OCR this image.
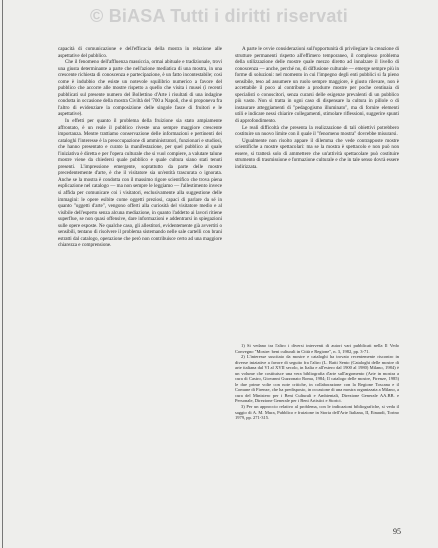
© BiASA Tutti i diritti riservati

capacità di comunicazione e dell'efficacia della mostra in relazione alle aspettative del pubblico.

Che il fenomeno dell'affluenza massiccia, ormai abituale e tradizionale, trovi una giusta determinante a parte che nell'azione mediatica di una mostra, in una crescente richiesta di conoscenza e partecipazione, è un fatto incontestabile; così come è indubbio che esiste un notevole squilibrio numerico a favore del pubblico che accorre alle mostre rispetto a quello che visita i musei (i recenti pubblicati sul presente numero del Bollettino d'Arte i risultati di una indagine condotta in occasione della mostra Civiltà del '700 a Napoli, che si proponeva fra l'altro di evidenziare la composizione delle singole fasce di fruitori e le aspettative).

In effetti per quanto il problema della fruizione sia stato ampiamente affrontato, è un reale il pubblico riveste una sempre maggiore crescente importanza. Mentre trattiamo conservazione delle informazioni e pertinenti dei cataloghi l'interesse è la preoccupazione di amministratori, funzionari e studiosi, che hanno presentato e curato la manifestazione, per quel pubblico al quale l'iniziativa è diretta e per l'opera culturale che si vuol compiere, a valutare talune mostre viene da chiedersi quale pubblico e quale cultura siano stati tenuti presenti. L'impressione emergente, soprattutto da parte delle mostre precedentemente d'arte, è che il visitatore sia un'entità trascurata o ignorata. Anche se la mostra è condotta con il massimo rigore scientifico che trova piena esplicazione nel catalogo — ma non sempre le leggiamo — l'allestimento invece si affida per comunicare coi i visitatori, esclusivamente alla suggestione delle immagini: le opere esibite come oggetti preziosi, capaci di parlare da sé in quanto "oggetti d'arte", vengono offerti alla curiosità del visitatore medio e al visibile dell'esperto senza alcuna mediazione, in quanto l'addetto ai lavori ritiene superflue, se non quasi offensive, dare informazioni e addentrarsi in spiegazioni sulle opere esposte. Ne qualche caso, gli allestitori, evidentemente già avvertiti o sensibili, tentano di risolvere il problema sistemando nelle sale cartelli con brani estratti dal catalogo, operazione che però non contribuisce certo ad una maggiore chiarezza e comprensione.

A parte le ovvie considerazioni sull'opportunità di privilegiare la creazione di strutture permanenti rispetto all'effimero temporaneo, il complesso problema della utilizzazione delle mostre quale mezzo diretto ad innalzare il livello di conoscenza — anche, perché no, di diffusione culturale — emerge sempre più in forme di soluzioni: nel momento in cui l'impegno degli enti pubblici si fa pieno sensibile, teso ad assumere un ruolo sempre maggiore, è giusto rilevare, non è accettabile il poco al contribute a produrre mostre per poche centinaia di specialisti o conoscitori, senza curarsi delle esigenze prevalenti di un pubblico più vasto. Non si tratta in ogni caso di dispensare la cultura in pillole o di instaurare atteggiamenti di "pedagogismo illuminato", ma di fornire elementi utili e indicare nessi chiarire collegamenti, stimolare riflessioni, suggerire spunti di approfondimento.

Le realì difficoltà che presenta la realizzazione di tali obiettivi potrebbero costituire un nuovo limite con il quale il "fenomeno mostra" dovrebbe misurarsi.

Ugualmente non risolto appare il dilemma che vede contrapposte mostre scientifiche a mostre spettacolari: ma se la mostra è spettacolo e non può non essere, si tratterà solo di ammettere che un'attività spettacolare può costituire strumento di trasmissione e formazione culturale e che in tale senso dovrà essere indirizzata.

1) Si vedano tra l'altro i diversi interventi di autori vari pubblicati nella Il Vedo Convegno "Mostre: beni culturali in Città e Regione", n. 3, 1982, pp. 3-71.

2) L'interesse suscitato da mostre e cataloghi ha trovato recentemente riscontro in diverse iniziative a favore di seguito fra l'altro (L. Ratti Sento (Cataloghi delle mostre di arte italiana dal VI al XVII secolo, in Italia e all'estero dal 1900 al 1980) Milano, 1984) è un volume che costituisce una vera bibliografia d'arte sull'argomento (Arte in mostra a cura di Castro, Giovanni Guzzonato Roma, 1984; Il catalogo delle mostre, Firenze, 1985) le due prime volte con note critiche, in collaborazione con la Regione Toscana e il Comune di Firenze, che ha predisposto, in occasione di una mostra organizzata a Milano, a cura del Ministero per i Beni Culturali e Ambientali, Direzione Generale AA.BB. e Personale, Direzione Generale per i Beni Artistici e Storici.

3) Per un approccio relativo al problema, con le indicazioni bibliografiche, si veda il saggio di A. M. Mura, Pubblico e fruizione in Storia dell'Arte Italiana, II, Einaudi, Torino 1979, pp. 271-315.

95
